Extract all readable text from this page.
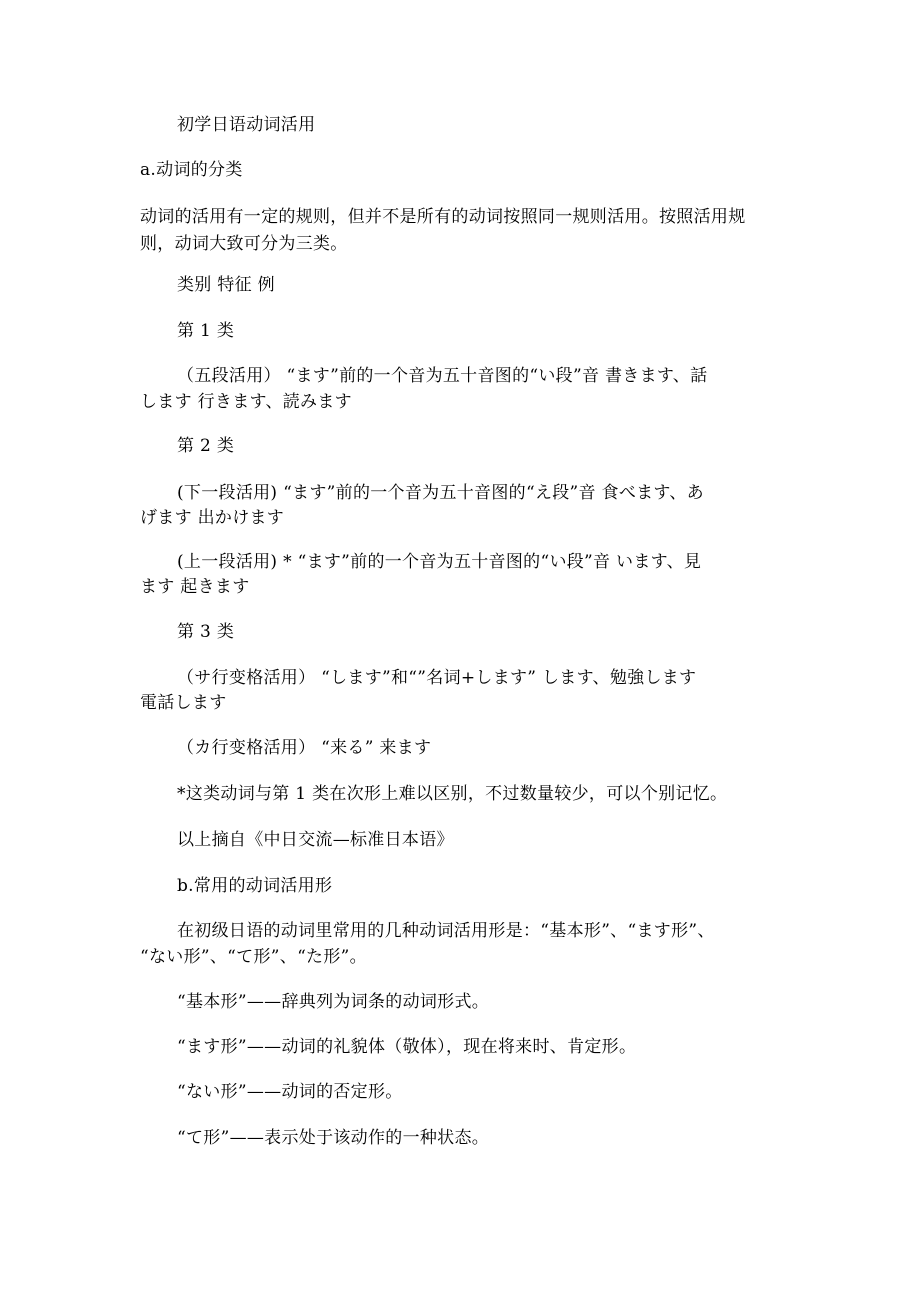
初学日语动词活用
a.动词的分类
动词的活用有一定的规则，但并不是所有的动词按照同一规则活用。按照活用规
则，动词大致可分为三类。
类别 特征 例
第 1 类
（五段活用） “ます”前的一个音为五十音图的“い段”音 書きます、話
します 行きます、読みます
第 2 类
(下一段活用) “ます”前的一个音为五十音图的“え段”音 食べます、あ
げます 出かけます
(上一段活用) * “ます”前的一个音为五十音图的“い段”音 います、見
ます 起きます
第 3 类
（サ行变格活用） “します”和“”名词+します” します、勉強します
電話します
（カ行变格活用） “来る” 来ます
*这类动词与第 1 类在次形上难以区别，不过数量较少，可以个别记忆。
以上摘自《中日交流—标准日本语》
b.常用的动词活用形
在初级日语的动词里常用的几种动词活用形是：“基本形”、“ます形”、
“ない形”、“て形”、“た形”。
“基本形”——辞典列为词条的动词形式。
“ます形”——动词的礼貌体（敬体），现在将来时、肯定形。
“ない形”——动词的否定形。
“て形”——表示处于该动作的一种状态。
